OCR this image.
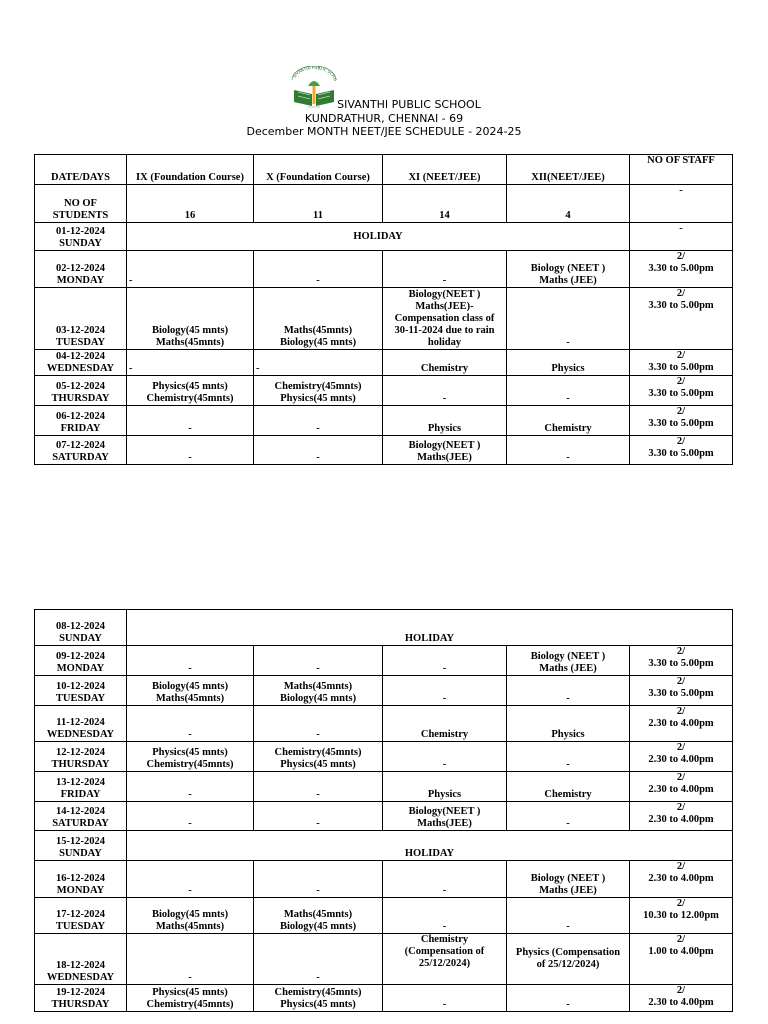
SIVANTHI PUBLIC SCHO
SIVANTHI PUBLIC SCHOOL
KUNDRATHUR, CHENNAI - 69
December MONTH NEET/JEE SCHEDULE - 2024-25
DATE/DAYS	IX (Foundation Course)	X (Foundation Course)	XI (NEET/JEE)	XII(NEET/JEE)	NO OF STAFF
NO OF
STUDENTS	16	11	14	4	-
01-12-2024
SUNDAY	HOLIDAY				-
02-12-2024
MONDAY	-	-	-	Biology (NEET )
Maths (JEE)	2/
3.30 to 5.00pm
03-12-2024
TUESDAY	Biology(45 mnts)
Maths(45mnts)	Maths(45mnts)
Biology(45 mnts)	Biology(NEET )
Maths(JEE)-
Compensation class of
30-11-2024 due to rain
holiday	-	2/
3.30 to 5.00pm
04-12-2024
WEDNESDAY	-	-	Chemistry	Physics	2/
3.30 to 5.00pm
05-12-2024
THURSDAY	Physics(45 mnts)
Chemistry(45mnts)	Chemistry(45mnts)
Physics(45 mnts)	-	-	2/
3.30 to 5.00pm
06-12-2024
FRIDAY	-	-	Physics	Chemistry	2/
3.30 to 5.00pm
07-12-2024
SATURDAY	-	-	Biology(NEET )
Maths(JEE)	-	2/
3.30 to 5.00pm
08-12-2024
SUNDAY	HOLIDAY				
09-12-2024
MONDAY	-	-	-	Biology (NEET )
Maths (JEE)	2/
3.30 to 5.00pm
10-12-2024
TUESDAY	Biology(45 mnts)
Maths(45mnts)	Maths(45mnts)
Biology(45 mnts)	-	-	2/
3.30 to 5.00pm
11-12-2024
WEDNESDAY	-	-	Chemistry	Physics	2/
2.30 to 4.00pm
12-12-2024
THURSDAY	Physics(45 mnts)
Chemistry(45mnts)	Chemistry(45mnts)
Physics(45 mnts)	-	-	2/
2.30 to 4.00pm
13-12-2024
FRIDAY	-	-	Physics	Chemistry	2/
2.30 to 4.00pm
14-12-2024
SATURDAY	-	-	Biology(NEET )
Maths(JEE)	-	2/
2.30 to 4.00pm
15-12-2024
SUNDAY	HOLIDAY				
16-12-2024
MONDAY	-	-	-	Biology (NEET )
Maths (JEE)	2/
2.30 to 4.00pm
17-12-2024
TUESDAY	Biology(45 mnts)
Maths(45mnts)	Maths(45mnts)
Biology(45 mnts)	-	-	2/
10.30 to 12.00pm
18-12-2024
WEDNESDAY	-	-	Chemistry
(Compensation of
25/12/2024)	Physics (Compensation
of 25/12/2024)	2/
1.00 to 4.00pm
19-12-2024
THURSDAY	Physics(45 mnts)
Chemistry(45mnts)	Chemistry(45mnts)
Physics(45 mnts)	-	-	2/
2.30 to 4.00pm
